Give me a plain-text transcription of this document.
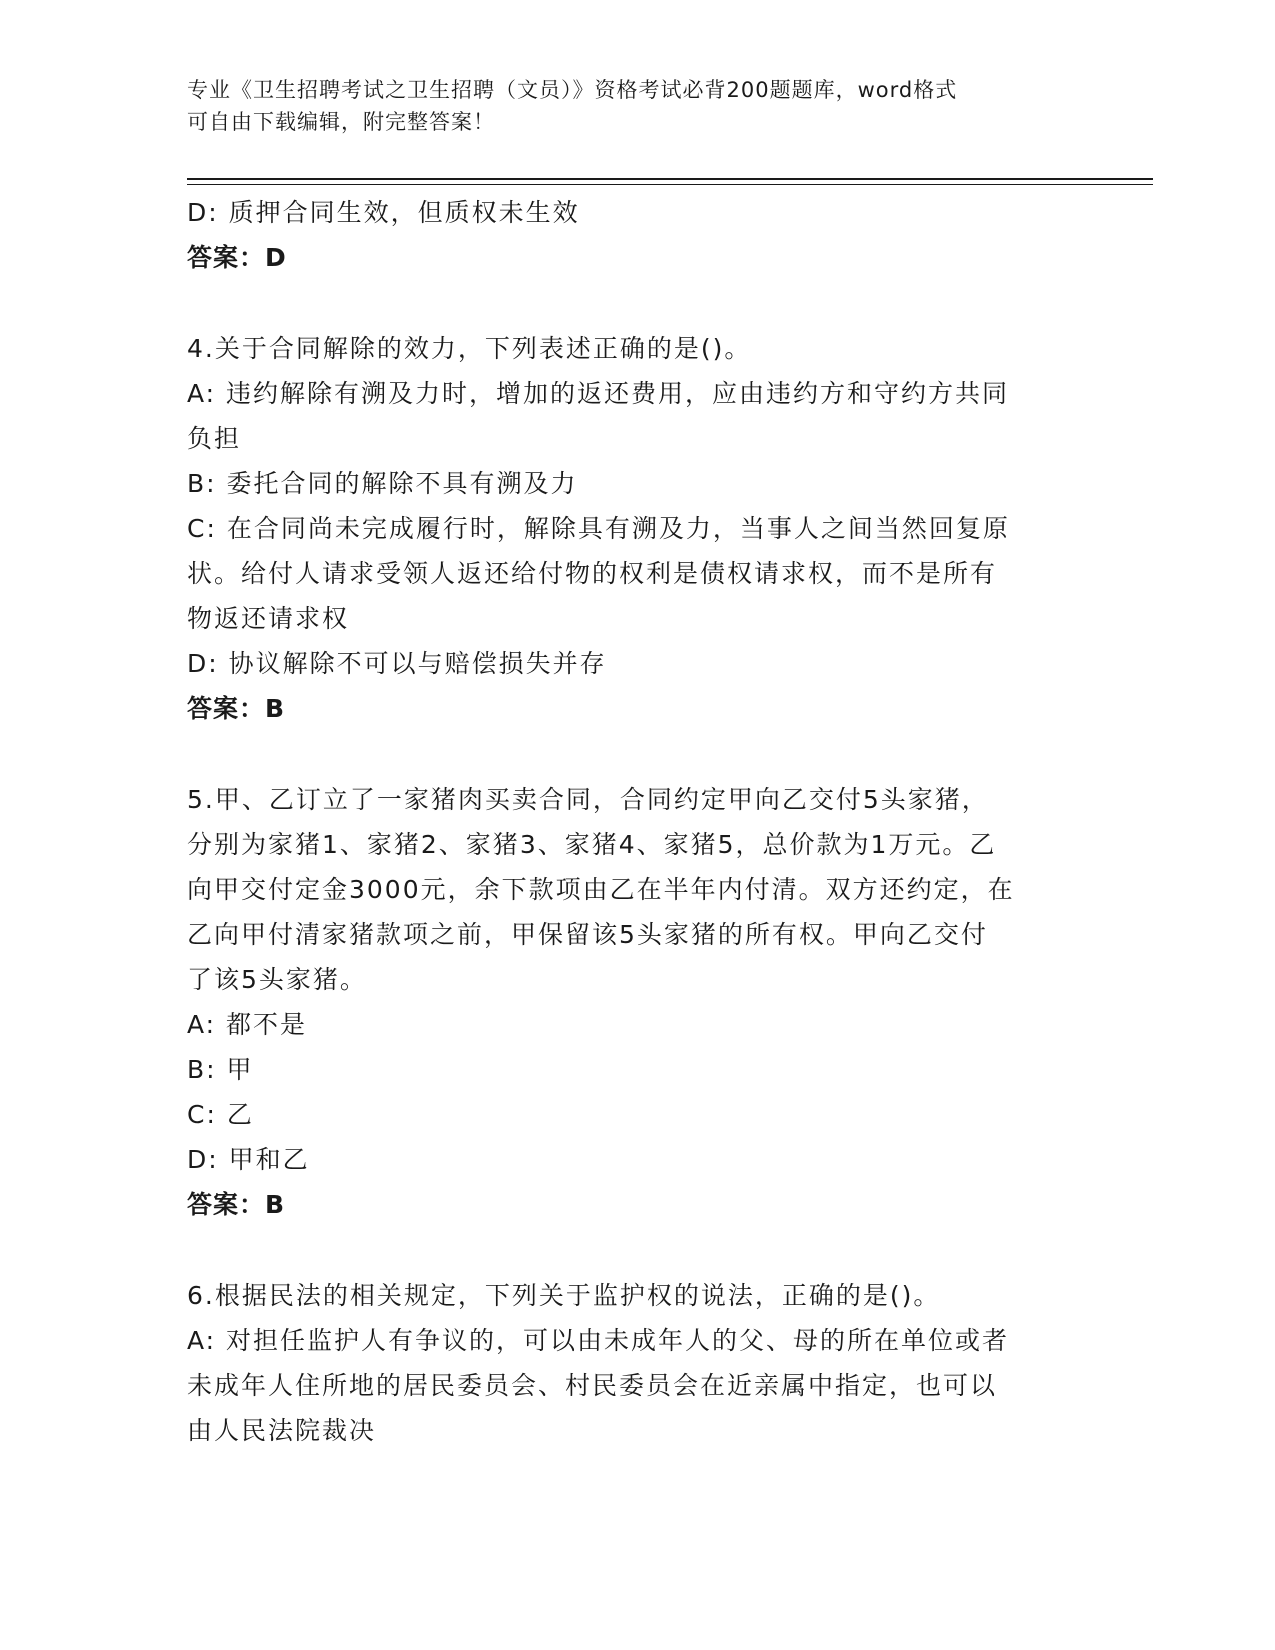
专业《卫生招聘考试之卫生招聘（文员）》资格考试必背200题题库，word格式
可自由下载编辑，附完整答案！
D: 质押合同生效，但质权未生效
答案：D
4.关于合同解除的效力，下列表述正确的是()。
A: 违约解除有溯及力时，增加的返还费用，应由违约方和守约方共同
负担
B: 委托合同的解除不具有溯及力
C: 在合同尚未完成履行时，解除具有溯及力，当事人之间当然回复原
状。给付人请求受领人返还给付物的权利是债权请求权，而不是所有
物返还请求权
D: 协议解除不可以与赔偿损失并存
答案：B
5.甲、乙订立了一家猪肉买卖合同，合同约定甲向乙交付5头家猪，
分别为家猪1、家猪2、家猪3、家猪4、家猪5，总价款为1万元。乙
向甲交付定金3000元，余下款项由乙在半年内付清。双方还约定，在
乙向甲付清家猪款项之前，甲保留该5头家猪的所有权。甲向乙交付
了该5头家猪。
A: 都不是
B: 甲
C: 乙
D: 甲和乙
答案：B
6.根据民法的相关规定，下列关于监护权的说法，正确的是()。
A: 对担任监护人有争议的，可以由未成年人的父、母的所在单位或者
未成年人住所地的居民委员会、村民委员会在近亲属中指定，也可以
由人民法院裁决
